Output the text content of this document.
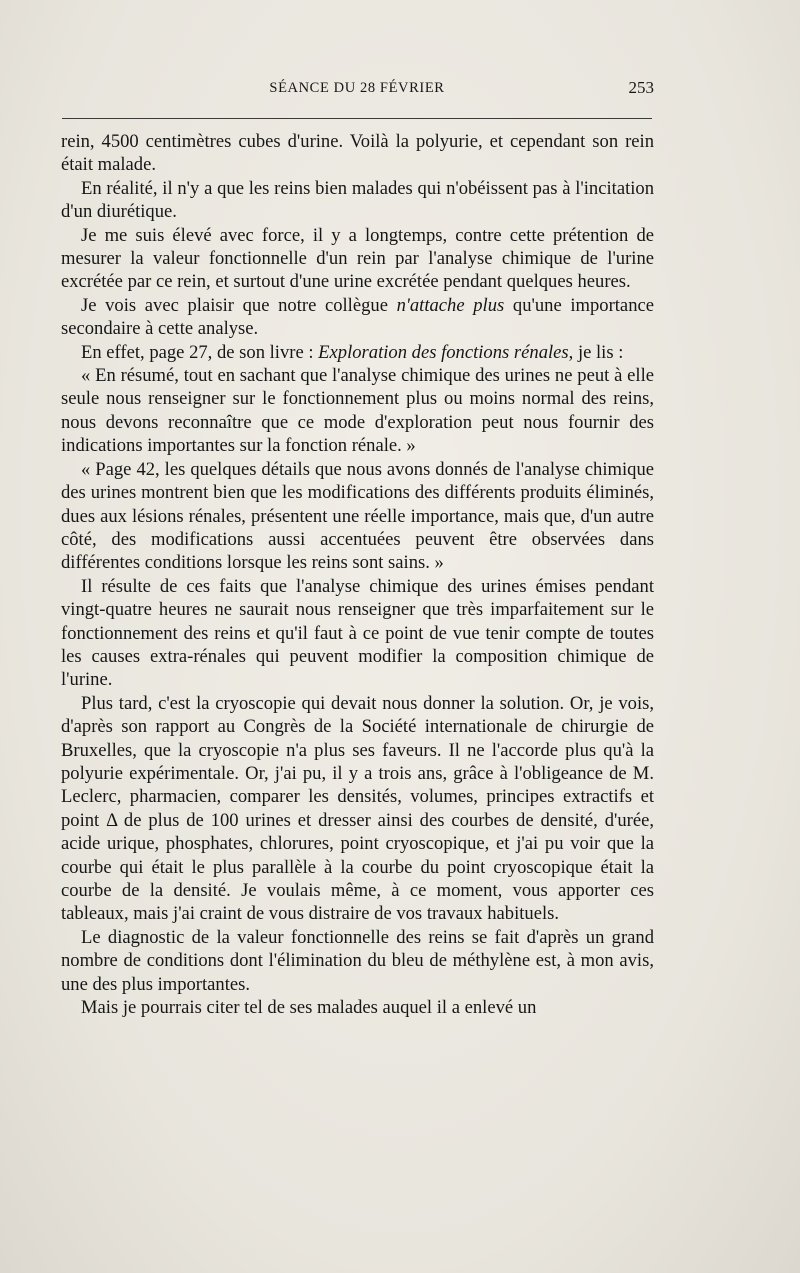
SÉANCE DU 28 FÉVRIER	253

rein, 4500 centimètres cubes d'urine. Voilà la polyurie, et cependant son rein était malade.

En réalité, il n'y a que les reins bien malades qui n'obéissent pas à l'incitation d'un diurétique.

Je me suis élevé avec force, il y a longtemps, contre cette prétention de mesurer la valeur fonctionnelle d'un rein par l'analyse chimique de l'urine excrétée par ce rein, et surtout d'une urine excrétée pendant quelques heures.

Je vois avec plaisir que notre collègue n'attache plus qu'une importance secondaire à cette analyse.

En effet, page 27, de son livre : Exploration des fonctions rénales, je lis :

« En résumé, tout en sachant que l'analyse chimique des urines ne peut à elle seule nous renseigner sur le fonctionnement plus ou moins normal des reins, nous devons reconnaître que ce mode d'exploration peut nous fournir des indications importantes sur la fonction rénale. »

« Page 42, les quelques détails que nous avons donnés de l'analyse chimique des urines montrent bien que les modifications des différents produits éliminés, dues aux lésions rénales, présentent une réelle importance, mais que, d'un autre côté, des modifications aussi accentuées peuvent être observées dans différentes conditions lorsque les reins sont sains. »

Il résulte de ces faits que l'analyse chimique des urines émises pendant vingt-quatre heures ne saurait nous renseigner que très imparfaitement sur le fonctionnement des reins et qu'il faut à ce point de vue tenir compte de toutes les causes extra-rénales qui peuvent modifier la composition chimique de l'urine.

Plus tard, c'est la cryoscopie qui devait nous donner la solution. Or, je vois, d'après son rapport au Congrès de la Société internationale de chirurgie de Bruxelles, que la cryoscopie n'a plus ses faveurs. Il ne l'accorde plus qu'à la polyurie expérimentale. Or, j'ai pu, il y a trois ans, grâce à l'obligeance de M. Leclerc, pharmacien, comparer les densités, volumes, principes extractifs et point Δ de plus de 100 urines et dresser ainsi des courbes de densité, d'urée, acide urique, phosphates, chlorures, point cryoscopique, et j'ai pu voir que la courbe qui était le plus parallèle à la courbe du point cryoscopique était la courbe de la densité. Je voulais même, à ce moment, vous apporter ces tableaux, mais j'ai craint de vous distraire de vos travaux habituels.

Le diagnostic de la valeur fonctionnelle des reins se fait d'après un grand nombre de conditions dont l'élimination du bleu de méthylène est, à mon avis, une des plus importantes.

Mais je pourrais citer tel de ses malades auquel il a enlevé un
